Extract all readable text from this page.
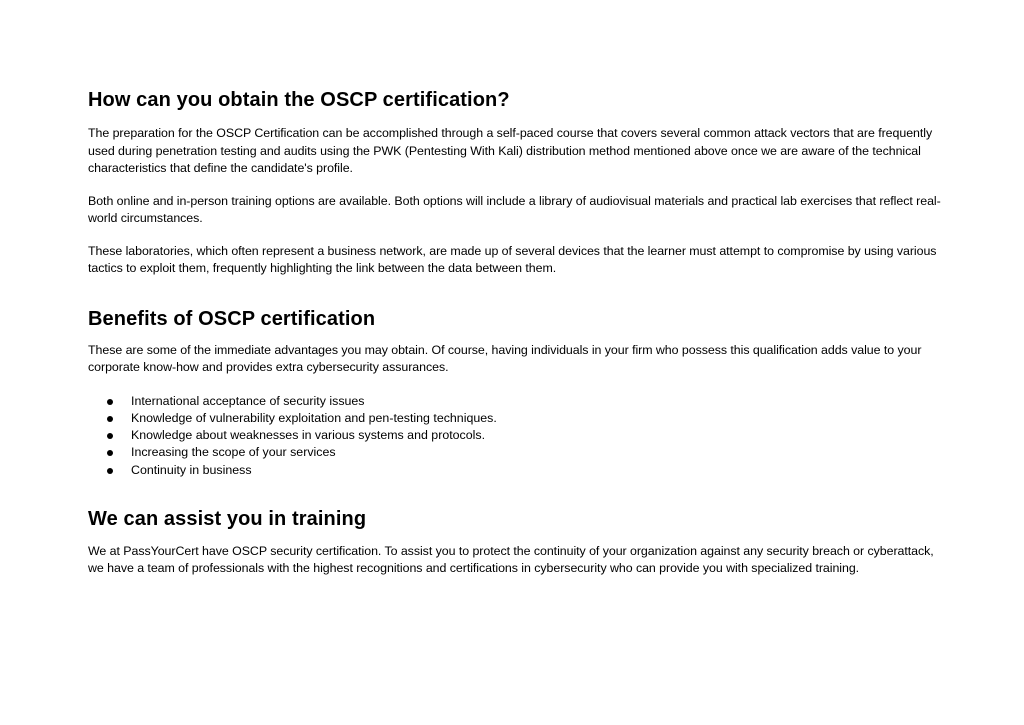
How can you obtain the OSCP certification?

The preparation for the OSCP Certification can be accomplished through a self-paced course that covers several common attack vectors that are frequently used during penetration testing and audits using the PWK (Pentesting With Kali) distribution method mentioned above once we are aware of the technical characteristics that define the candidate's profile.

Both online and in-person training options are available. Both options will include a library of audiovisual materials and practical lab exercises that reflect real-world circumstances.

These laboratories, which often represent a business network, are made up of several devices that the learner must attempt to compromise by using various tactics to exploit them, frequently highlighting the link between the data between them.

Benefits of OSCP certification

These are some of the immediate advantages you may obtain. Of course, having individuals in your firm who possess this qualification adds value to your corporate know-how and provides extra cybersecurity assurances.

International acceptance of security issues
Knowledge of vulnerability exploitation and pen-testing techniques.
Knowledge about weaknesses in various systems and protocols.
Increasing the scope of your services
Continuity in business
We can assist you in training

We at PassYourCert have OSCP security certification. To assist you to protect the continuity of your organization against any security breach or cyberattack, we have a team of professionals with the highest recognitions and certifications in cybersecurity who can provide you with specialized training.
